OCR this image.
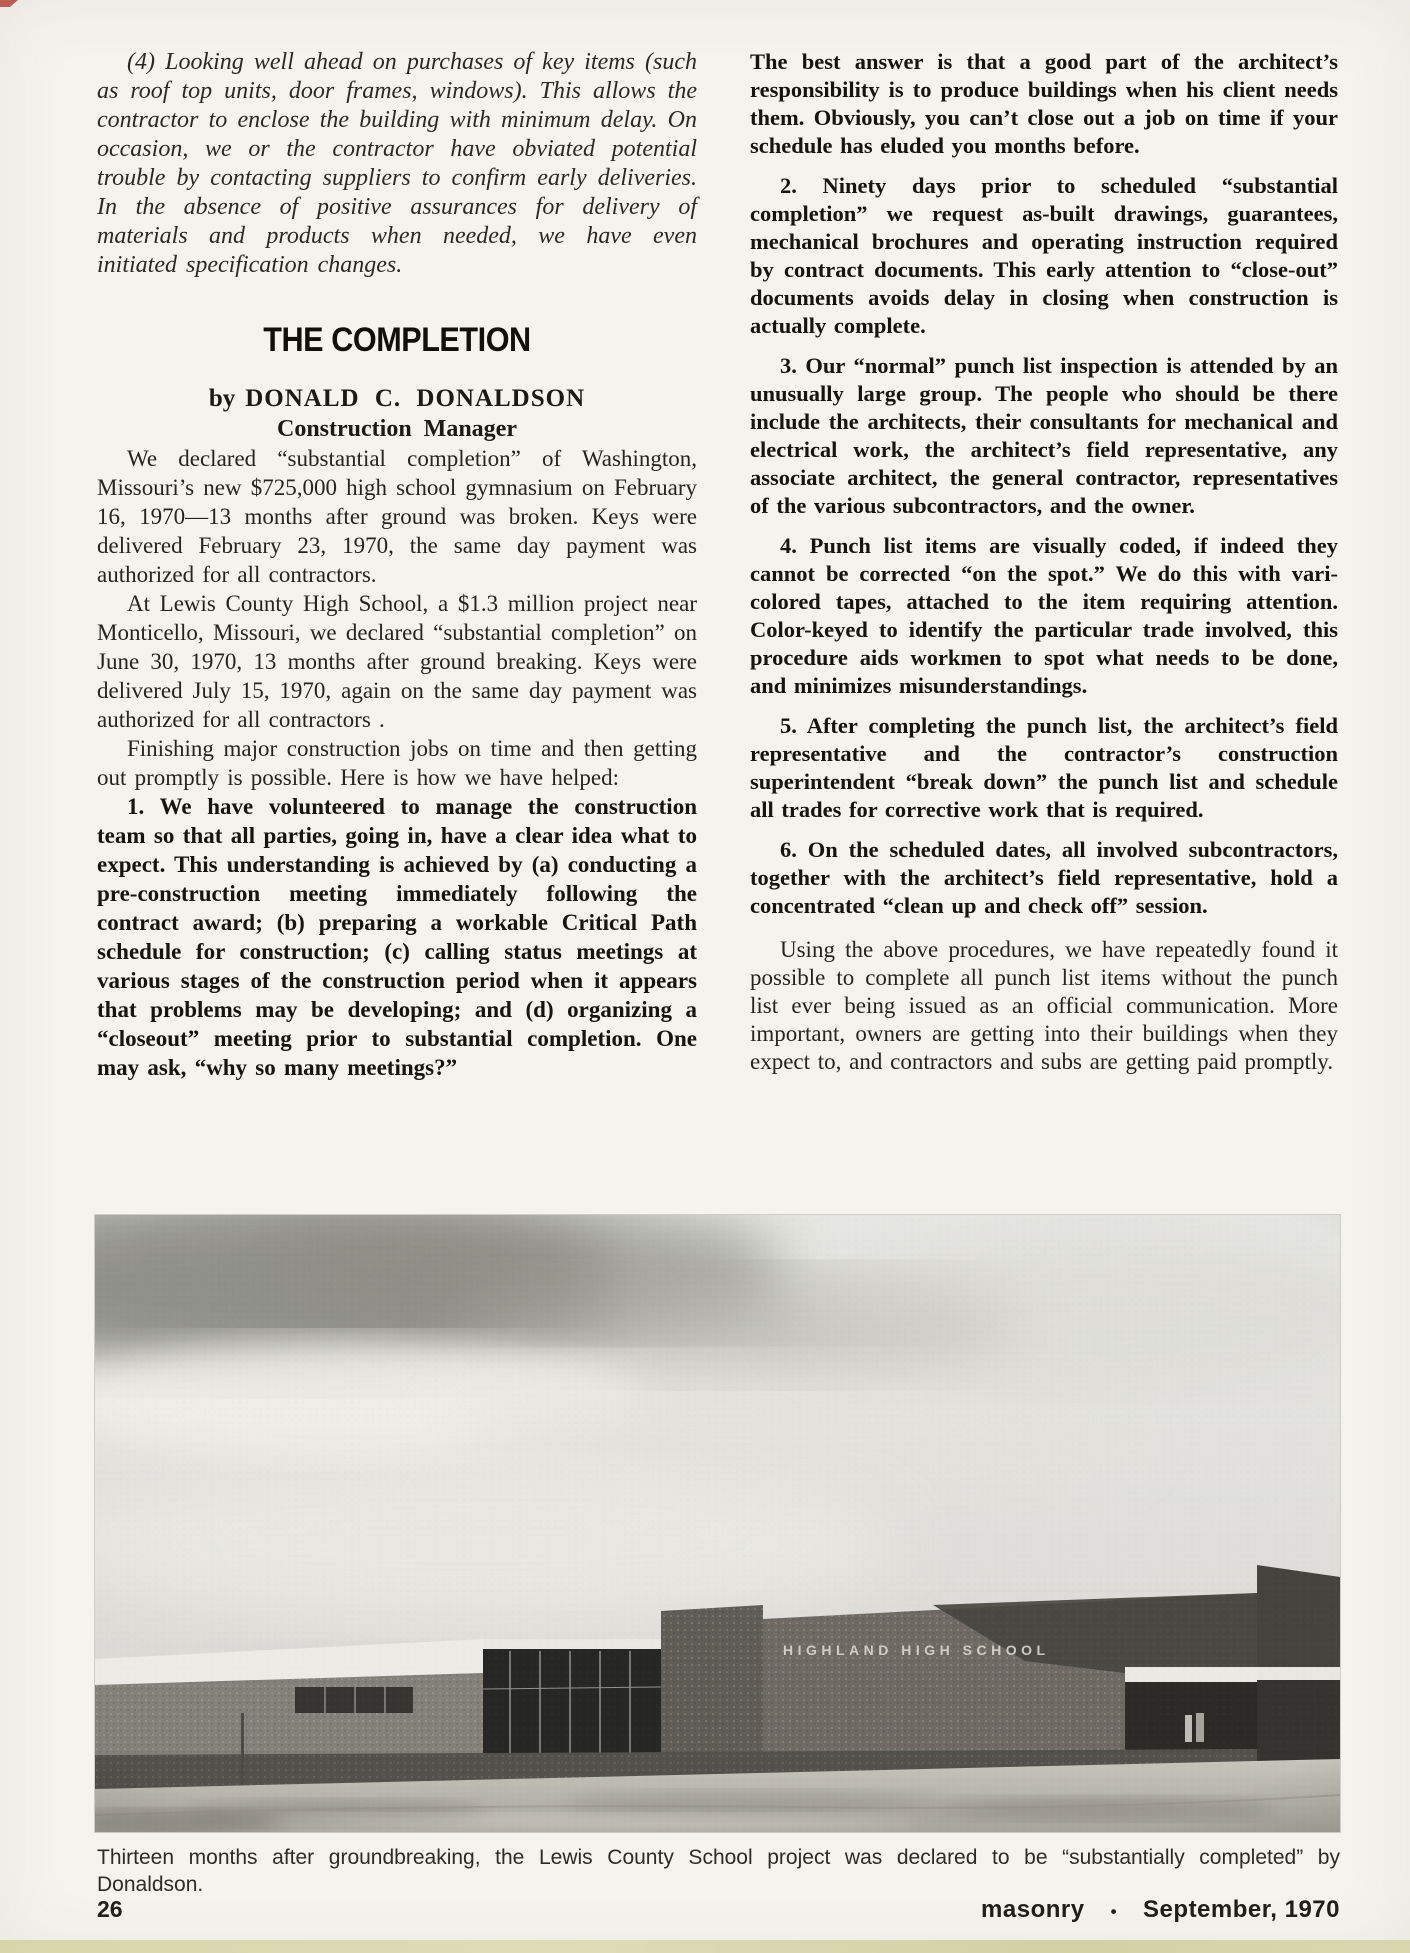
(4) Looking well ahead on purchases of key items (such as roof top units, door frames, windows). This allows the contractor to enclose the building with minimum delay. On occasion, we or the contractor have obviated potential trouble by contacting suppliers to confirm early deliveries. In the absence of positive assurances for delivery of materials and products when needed, we have even initiated specification changes.

THE COMPLETION
by DONALD C. DONALDSON
Construction Manager

We declared “substantial completion” of Washington, Missouri’s new $725,000 high school gymnasium on February 16, 1970—13 months after ground was broken. Keys were delivered February 23, 1970, the same day payment was authorized for all contractors.

At Lewis County High School, a $1.3 million project near Monticello, Missouri, we declared “substantial completion” on June 30, 1970, 13 months after ground breaking. Keys were delivered July 15, 1970, again on the same day payment was authorized for all contractors .

Finishing major construction jobs on time and then getting out promptly is possible. Here is how we have helped:

1. We have volunteered to manage the construction team so that all parties, going in, have a clear idea what to expect. This understanding is achieved by (a) conducting a pre-construction meeting immediately following the contract award; (b) preparing a workable Critical Path schedule for construction; (c) calling status meetings at various stages of the construction period when it appears that problems may be developing; and (d) organizing a “closeout” meeting prior to substantial completion. One may ask, “why so many meetings?”

The best answer is that a good part of the architect’s responsibility is to produce buildings when his client needs them. Obviously, you can’t close out a job on time if your schedule has eluded you months before.

2. Ninety days prior to scheduled “substantial completion” we request as-built drawings, guarantees, mechanical brochures and operating instruction required by contract documents. This early attention to “close-out” documents avoids delay in closing when construction is actually complete.

3. Our “normal” punch list inspection is attended by an unusually large group. The people who should be there include the architects, their consultants for mechanical and electrical work, the architect’s field representative, any associate architect, the general contractor, representatives of the various subcontractors, and the owner.

4. Punch list items are visually coded, if indeed they cannot be corrected “on the spot.” We do this with vari-colored tapes, attached to the item requiring attention. Color-keyed to identify the particular trade involved, this procedure aids workmen to spot what needs to be done, and minimizes misunderstandings.

5. After completing the punch list, the architect’s field representative and the contractor’s construction superintendent “break down” the punch list and schedule all trades for corrective work that is required.

6. On the scheduled dates, all involved subcontractors, together with the architect’s field representative, hold a concentrated “clean up and check off” session.

Using the above procedures, we have repeatedly found it possible to complete all punch list items without the punch list ever being issued as an official communication. More important, owners are getting into their buildings when they expect to, and contractors and subs are getting paid promptly.

Thirteen months after groundbreaking, the Lewis County School project was declared to be “substantially completed” by Donaldson.

26	masonry • September, 1970
